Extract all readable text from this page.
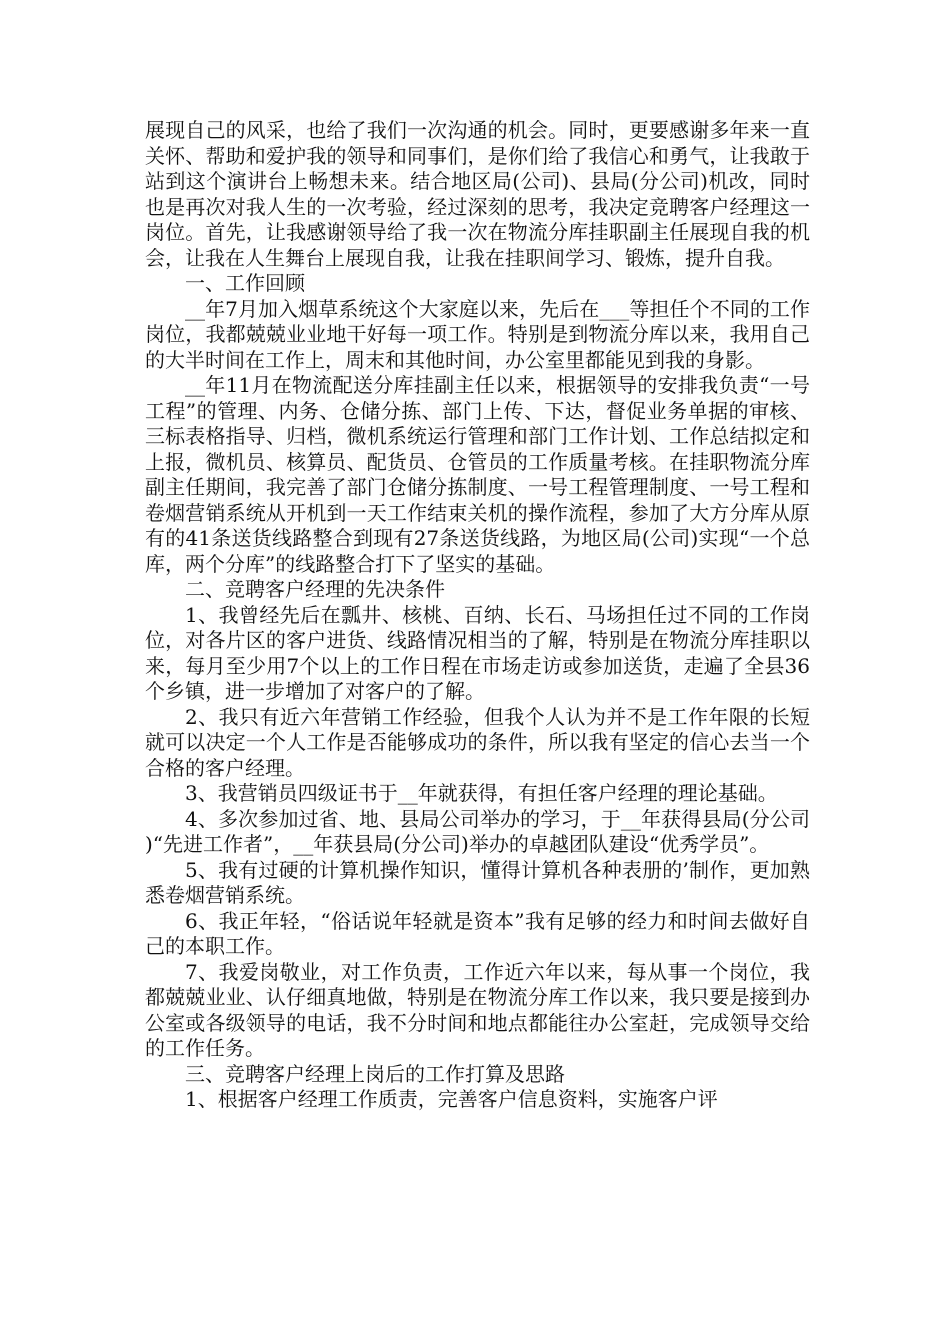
展现自己的风采，也给了我们一次沟通的机会。同时，更要感谢多年来一直关怀、帮助和爱护我的领导和同事们，是你们给了我信心和勇气，让我敢于站到这个演讲台上畅想未来。结合地区局(公司)、县局(分公司)机改，同时也是再次对我人生的一次考验，经过深刻的思考，我决定竞聘客户经理这一岗位。首先，让我感谢领导给了我一次在物流分库挂职副主任展现自我的机会，让我在人生舞台上展现自我，让我在挂职间学习、锻炼，提升自我。

一、工作回顾

__年7月加入烟草系统这个大家庭以来，先后在___等担任个不同的工作岗位，我都兢兢业业地干好每一项工作。特别是到物流分库以来，我用自己的大半时间在工作上，周末和其他时间，办公室里都能见到我的身影。

__年11月在物流配送分库挂副主任以来，根据领导的安排我负责“一号工程”的管理、内务、仓储分拣、部门上传、下达，督促业务单据的审核、三标表格指导、归档，微机系统运行管理和部门工作计划、工作总结拟定和上报，微机员、核算员、配货员、仓管员的工作质量考核。在挂职物流分库副主任期间，我完善了部门仓储分拣制度、一号工程管理制度、一号工程和卷烟营销系统从开机到一天工作结束关机的操作流程，参加了大方分库从原有的41条送货线路整合到现有27条送货线路，为地区局(公司)实现“一个总库，两个分库”的线路整合打下了坚实的基础。

二、竞聘客户经理的先决条件

1、我曾经先后在瓢井、核桃、百纳、长石、马场担任过不同的工作岗位，对各片区的客户进货、线路情况相当的了解，特别是在物流分库挂职以来，每月至少用7个以上的工作日程在市场走访或参加送货，走遍了全县36个乡镇，进一步增加了对客户的了解。

2、我只有近六年营销工作经验，但我个人认为并不是工作年限的长短就可以决定一个人工作是否能够成功的条件，所以我有坚定的信心去当一个合格的客户经理。

3、我营销员四级证书于__年就获得，有担任客户经理的理论基础。

4、多次参加过省、地、县局公司举办的学习，于__年获得县局(分公司)“先进工作者”，__年获县局(分公司)举办的卓越团队建设“优秀学员”。

5、我有过硬的计算机操作知识，懂得计算机各种表册的’制作，更加熟悉卷烟营销系统。

6、我正年轻，“俗话说年轻就是资本”我有足够的经力和时间去做好自己的本职工作。

7、我爱岗敬业，对工作负责，工作近六年以来，每从事一个岗位，我都兢兢业业、认仔细真地做，特别是在物流分库工作以来，我只要是接到办公室或各级领导的电话，我不分时间和地点都能往办公室赶，完成领导交给的工作任务。

三、竞聘客户经理上岗后的工作打算及思路

1、根据客户经理工作质责，完善客户信息资料，实施客户评
